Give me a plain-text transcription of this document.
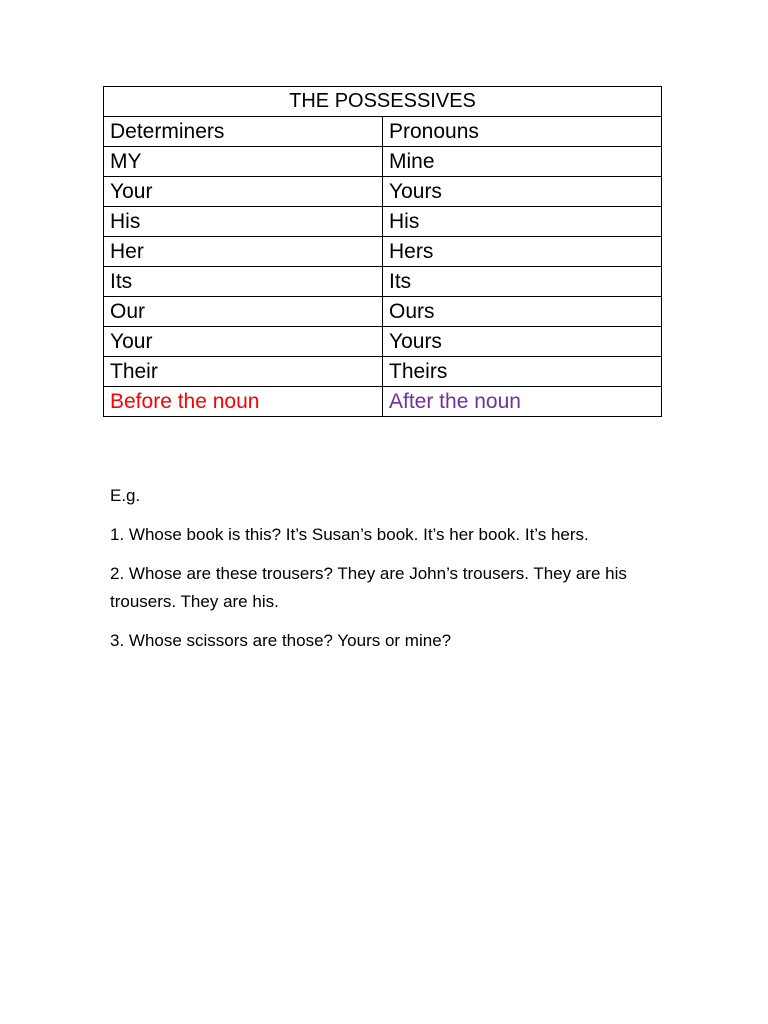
THE POSSESSIVES	
Determiners	Pronouns
MY	Mine
Your	Yours
His	His
Her	Hers
Its	Its
Our	Ours
Your	Yours
Their	Theirs
Before the noun	After the noun

E.g.

1. Whose book is this? It’s Susan’s book. It’s her book. It’s hers.

2. Whose are these trousers? They are John’s trousers. They are his trousers. They are his.

3. Whose scissors are those? Yours or mine?
